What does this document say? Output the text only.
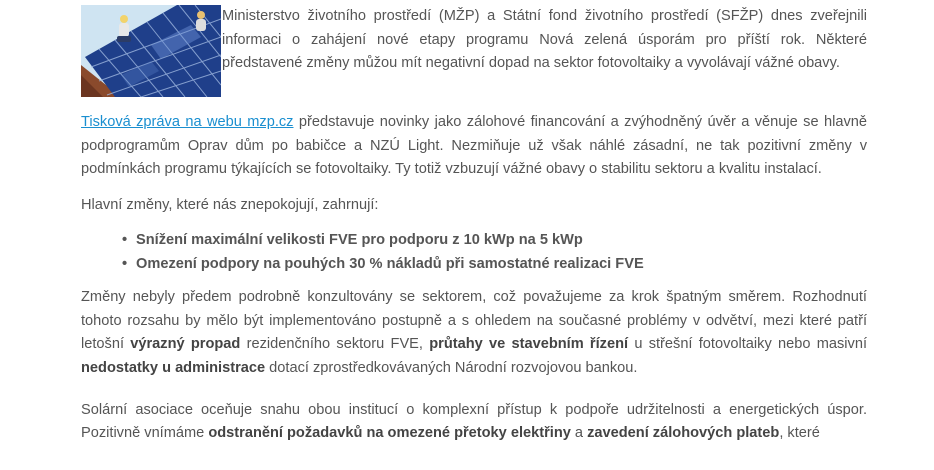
Ministerstvo životního prostředí (MŽP) a Státní fond životního prostředí (SFŽP) dnes zveřejnili informaci o zahájení nové etapy programu Nová zelená úsporám pro příští rok. Některé představené změny můžou mít negativní dopad na sektor fotovoltaiky a vyvolávají vážné obavy.

Tisková zpráva na webu mzp.cz představuje novinky jako zálohové financování a zvýhodněný úvěr a věnuje se hlavně podprogramům Oprav dům po babičce a NZÚ Light. Nezmiňuje už však náhlé zásadní, ne tak pozitivní změny v podmínkách programu týkajících se fotovoltaiky. Ty totiž vzbuzují vážné obavy o stabilitu sektoru a kvalitu instalací.

Hlavní změny, které nás znepokojují, zahrnují:

• Snížení maximální velikosti FVE pro podporu z 10 kWp na 5 kWp
• Omezení podpory na pouhých 30 % nákladů při samostatné realizaci FVE

Změny nebyly předem podrobně konzultovány se sektorem, což považujeme za krok špatným směrem. Rozhodnutí tohoto rozsahu by mělo být implementováno postupně a s ohledem na současné problémy v odvětví, mezi které patří letošní výrazný propad rezidenčního sektoru FVE, průtahy ve stavebním řízení u střešní fotovoltaiky nebo masivní nedostatky u administrace dotací zprostředkovávaných Národní rozvojovou bankou.

Solární asociace oceňuje snahu obou institucí o komplexní přístup k podpoře udržitelnosti a energetických úspor. Pozitivně vnímáme odstranění požadavků na omezené přetoky elektřiny a zavedení zálohových plateb, které
